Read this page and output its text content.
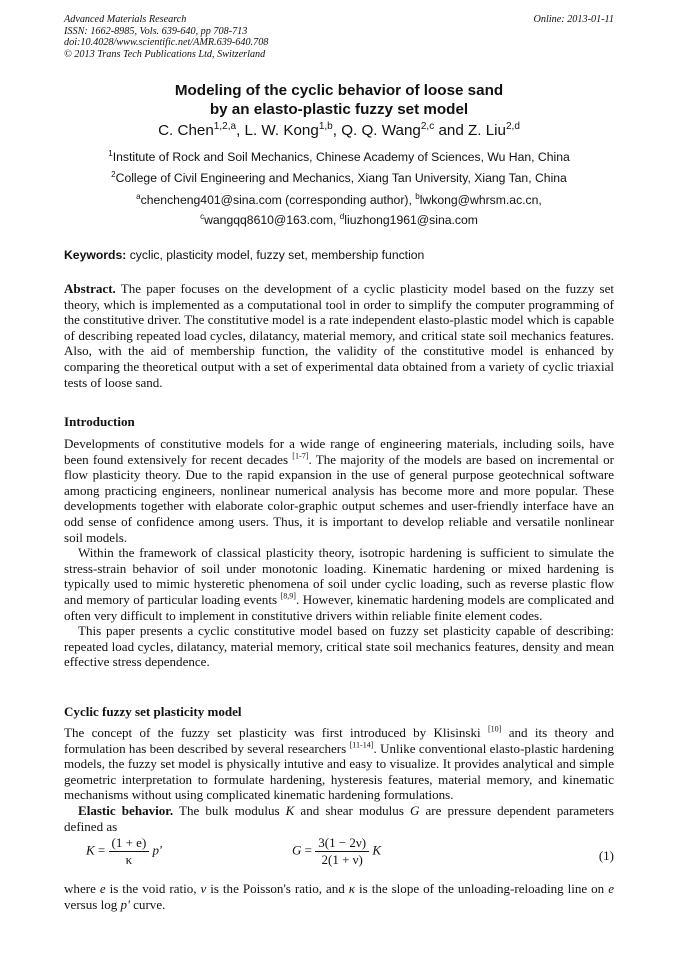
Advanced Materials Research
ISSN: 1662-8985, Vols. 639-640, pp 708-713
doi:10.4028/www.scientific.net/AMR.639-640.708
© 2013 Trans Tech Publications Ltd, Switzerland
Online: 2013-01-11
Modeling of the cyclic behavior of loose sand
by an elasto-plastic fuzzy set model
C. Chen$^{1,2,a}$, L. W. Kong$^{1,b}$, Q. Q. Wang$^{2,c}$ and Z. Liu$^{2,d}$
$^1$Institute of Rock and Soil Mechanics, Chinese Academy of Sciences, Wu Han, China
$^2$College of Civil Engineering and Mechanics, Xiang Tan University, Xiang Tan, China
$^a$chencheng401@sina.com (corresponding author), $^b$lwkong@whrsm.ac.cn,
$^c$wangqq8610@163.com, $^d$liuzhong1961@sina.com
Keywords: cyclic, plasticity model, fuzzy set, membership function

Abstract. The paper focuses on the development of a cyclic plasticity model based on the fuzzy set theory, which is implemented as a computational tool in order to simplify the computer programming of the constitutive driver. The constitutive model is a rate independent elasto-plastic model which is capable of describing repeated load cycles, dilatancy, material memory, and critical state soil mechanics features. Also, with the aid of membership function, the validity of the constitutive model is enhanced by comparing the theoretical output with a set of experimental data obtained from a variety of cyclic triaxial tests of loose sand.

Introduction

Developments of constitutive models for a wide range of engineering materials, including soils, have been found extensively for recent decades [1-7]. The majority of the models are based on incremental or flow plasticity theory. Due to the rapid expansion in the use of general purpose geotechnical software among practicing engineers, nonlinear numerical analysis has become more and more popular. These developments together with elaborate color-graphic output schemes and user-friendly interface have an odd sense of confidence among users. Thus, it is important to develop reliable and versatile nonlinear soil models.

Within the framework of classical plasticity theory, isotropic hardening is sufficient to simulate the stress-strain behavior of soil under monotonic loading. Kinematic hardening or mixed hardening is typically used to mimic hysteretic phenomena of soil under cyclic loading, such as reverse plastic flow and memory of particular loading events [8,9]. However, kinematic hardening models are complicated and often very difficult to implement in constitutive drivers within reliable finite element codes.

This paper presents a cyclic constitutive model based on fuzzy set plasticity capable of describing: repeated load cycles, dilatancy, material memory, critical state soil mechanics features, density and mean effective stress dependence.

Cyclic fuzzy set plasticity model

The concept of the fuzzy set plasticity was first introduced by Klisinski [10] and its theory and formulation has been described by several researchers [11-14]. Unlike conventional elasto-plastic hardening models, the fuzzy set model is physically intutive and easy to visualize. It provides analytical and simple geometric interpretation to formulate hardening, hysteresis features, material memory, and kinematic mechanisms without using complicated kinematic hardening formulations.

Elastic behavior. The bulk modulus K and shear modulus G are pressure dependent parameters defined as

$K = \frac{(1 + e)}{\kappa} p'$	$G = \frac{3(1 - 2\nu)}{2(1 + \nu)}$ K	(1)

where e is the void ratio, ν is the Poisson's ratio, and κ is the slope of the unloading-reloading line on e versus log p' curve.
